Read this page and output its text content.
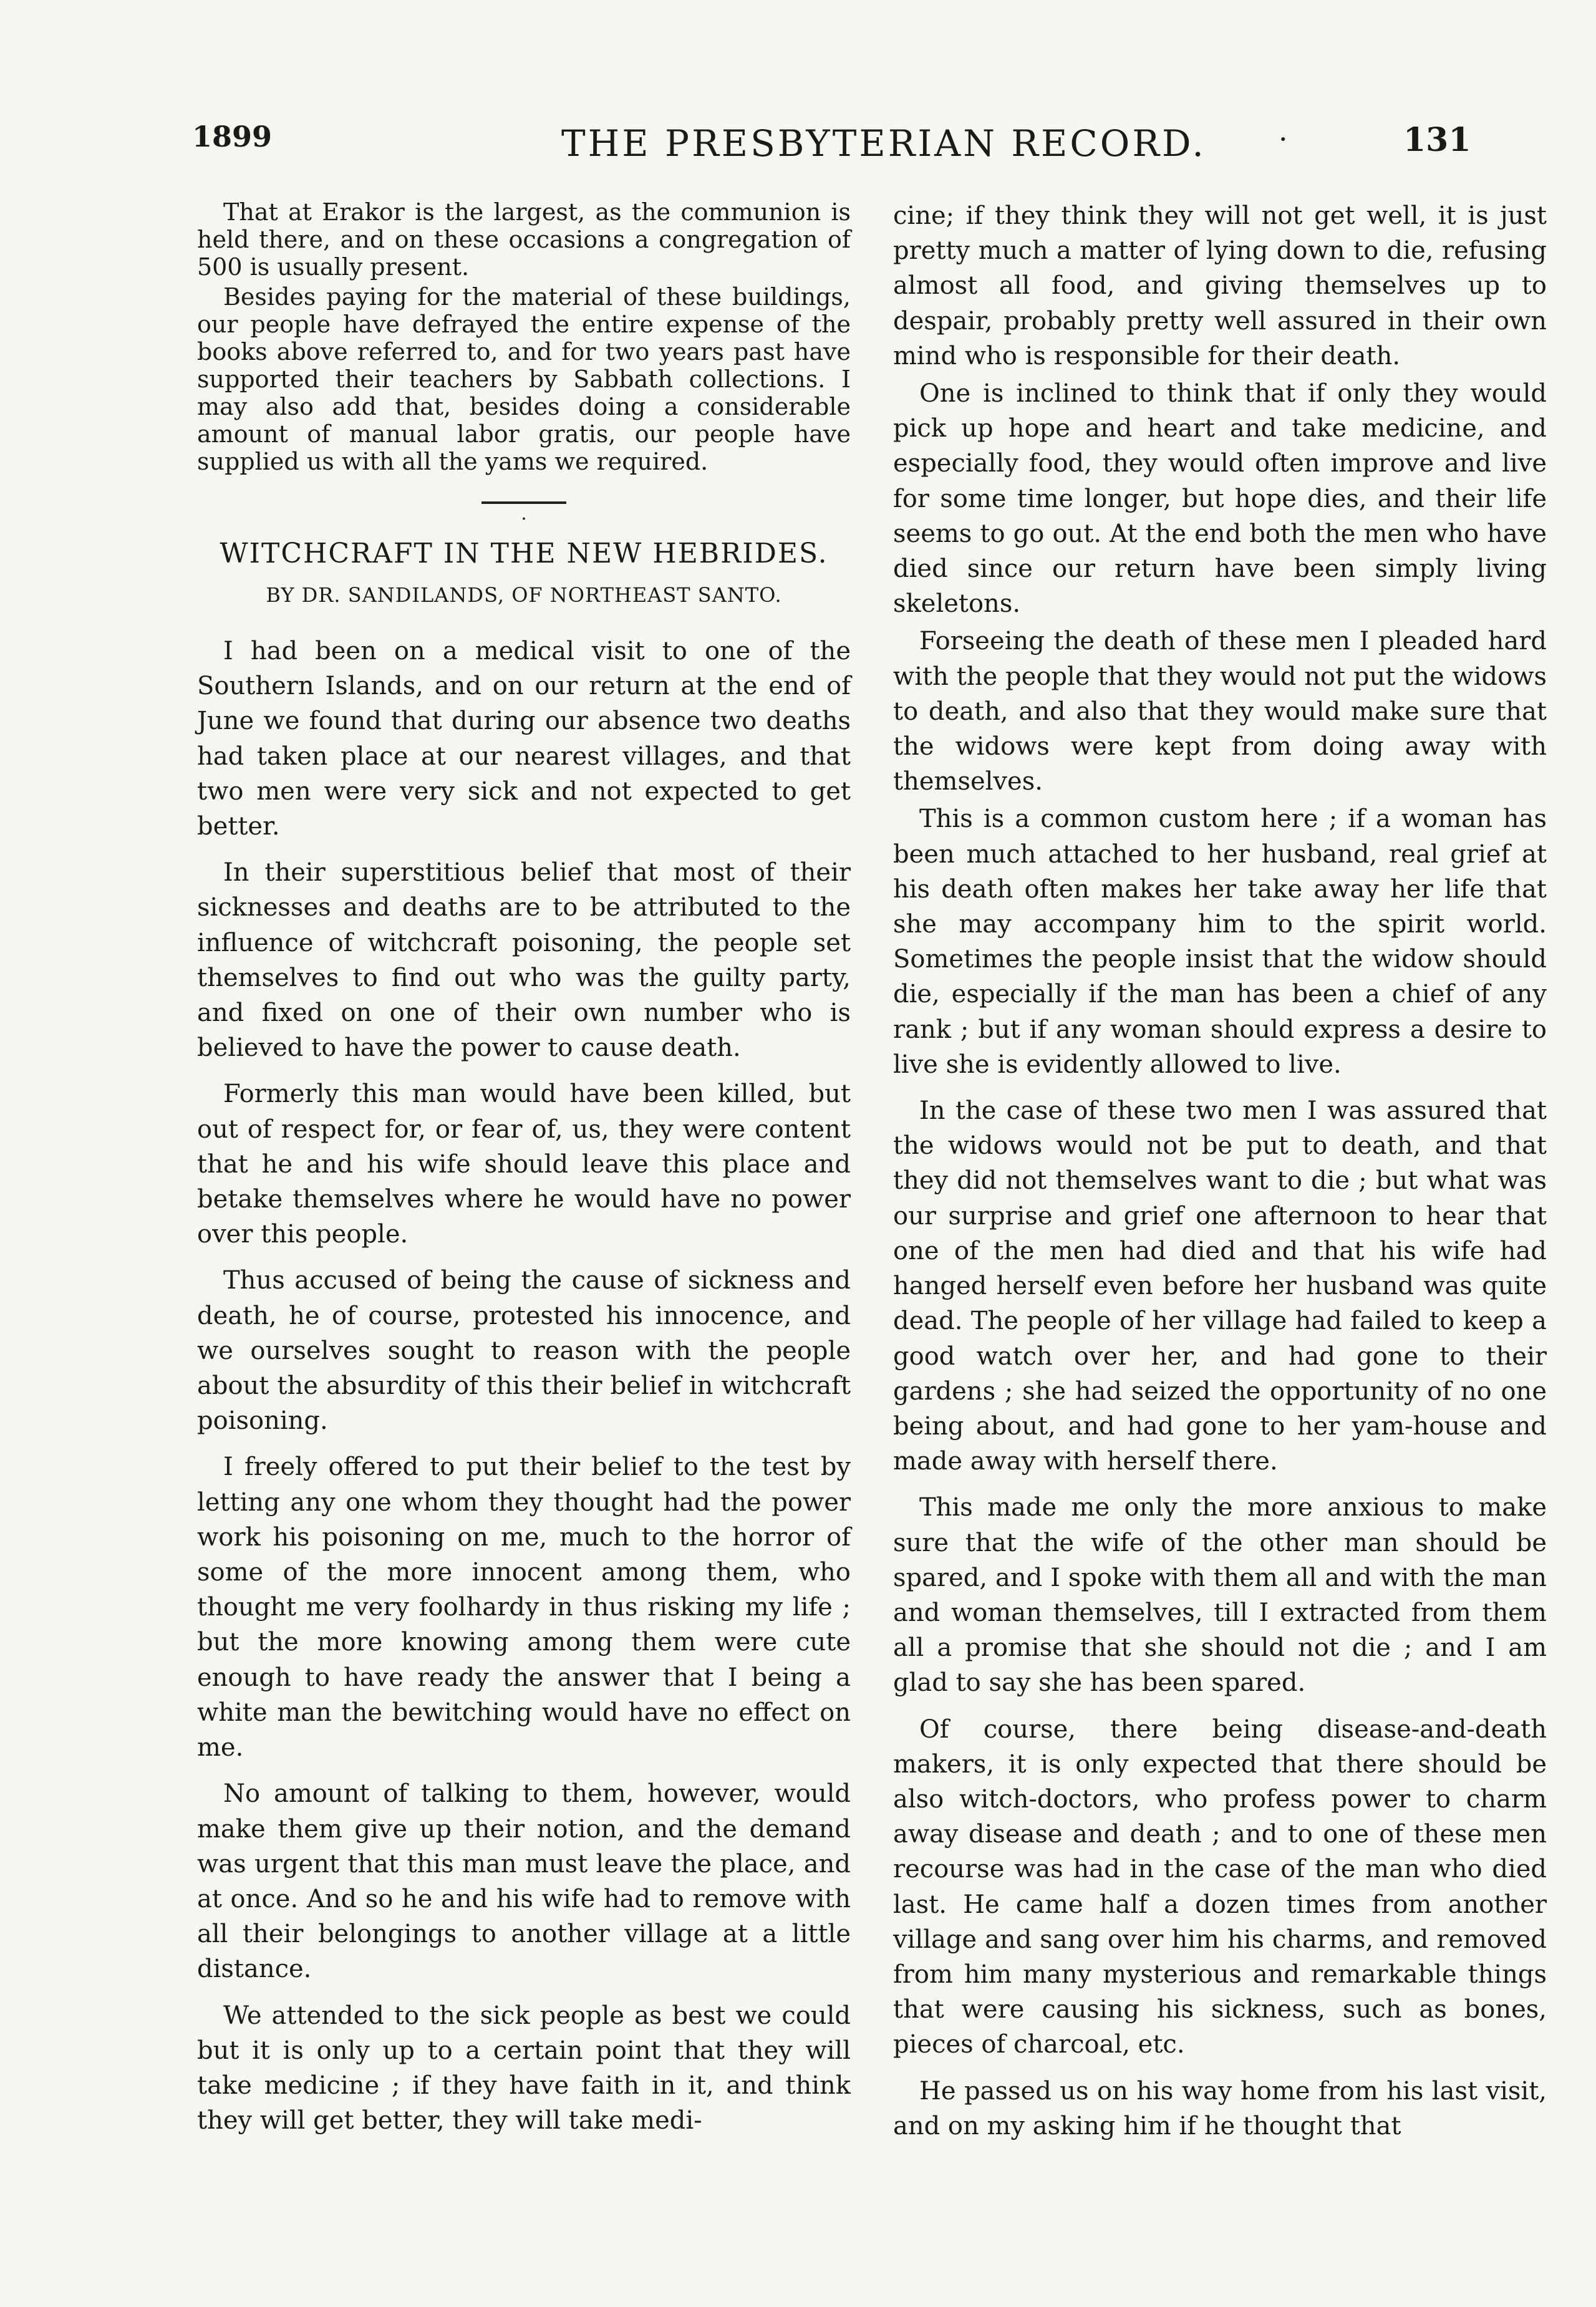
1899	THE PRESBYTERIAN RECORD.	·	131

That at Erakor is the largest, as the communion is held there, and on these occasions a congregation of 500 is usually present.

Besides paying for the material of these buildings, our people have defrayed the entire expense of the books above referred to, and for two years past have supported their teachers by Sabbath collections. I may also add that, besides doing a considerable amount of manual labor gratis, our people have supplied us with all the yams we required.

.
WITCHCRAFT IN THE NEW HEBRIDES.
BY DR. SANDILANDS, OF NORTHEAST SANTO.

I had been on a medical visit to one of the Southern Islands, and on our return at the end of June we found that during our absence two deaths had taken place at our nearest villages, and that two men were very sick and not expected to get better.

In their superstitious belief that most of their sicknesses and deaths are to be attributed to the influence of witchcraft poisoning, the people set themselves to find out who was the guilty party, and fixed on one of their own number who is believed to have the power to cause death.

Formerly this man would have been killed, but out of respect for, or fear of, us, they were content that he and his wife should leave this place and betake themselves where he would have no power over this people.

Thus accused of being the cause of sickness and death, he of course, protested his innocence, and we ourselves sought to reason with the people about the absurdity of this their belief in witchcraft poisoning.

I freely offered to put their belief to the test by letting any one whom they thought had the power work his poisoning on me, much to the horror of some of the more innocent among them, who thought me very foolhardy in thus risking my life ; but the more knowing among them were cute enough to have ready the answer that I being a white man the bewitching would have no effect on me.

No amount of talking to them, however, would make them give up their notion, and the demand was urgent that this man must leave the place, and at once. And so he and his wife had to remove with all their belongings to another village at a little distance.

We attended to the sick people as best we could but it is only up to a certain point that they will take medicine ; if they have faith in it, and think they will get better, they will take medi-

cine; if they think they will not get well, it is just pretty much a matter of lying down to die, refusing almost all food, and giving themselves up to despair, probably pretty well assured in their own mind who is responsible for their death.

One is inclined to think that if only they would pick up hope and heart and take medicine, and especially food, they would often improve and live for some time longer, but hope dies, and their life seems to go out. At the end both the men who have died since our return have been simply living skeletons.

Forseeing the death of these men I pleaded hard with the people that they would not put the widows to death, and also that they would make sure that the widows were kept from doing away with themselves.

This is a common custom here ; if a woman has been much attached to her husband, real grief at his death often makes her take away her life that she may accompany him to the spirit world. Sometimes the people insist that the widow should die, especially if the man has been a chief of any rank ; but if any woman should express a desire to live she is evidently allowed to live.

In the case of these two men I was assured that the widows would not be put to death, and that they did not themselves want to die ; but what was our surprise and grief one afternoon to hear that one of the men had died and that his wife had hanged herself even before her husband was quite dead. The people of her village had failed to keep a good watch over her, and had gone to their gardens ; she had seized the opportunity of no one being about, and had gone to her yam-house and made away with herself there.

This made me only the more anxious to make sure that the wife of the other man should be spared, and I spoke with them all and with the man and woman themselves, till I extracted from them all a promise that she should not die ; and I am glad to say she has been spared.

Of course, there being disease-and-death makers, it is only expected that there should be also witch-doctors, who profess power to charm away disease and death ; and to one of these men recourse was had in the case of the man who died last. He came half a dozen times from another village and sang over him his charms, and removed from him many mysterious and remarkable things that were causing his sickness, such as bones, pieces of charcoal, etc.

He passed us on his way home from his last visit, and on my asking him if he thought that
